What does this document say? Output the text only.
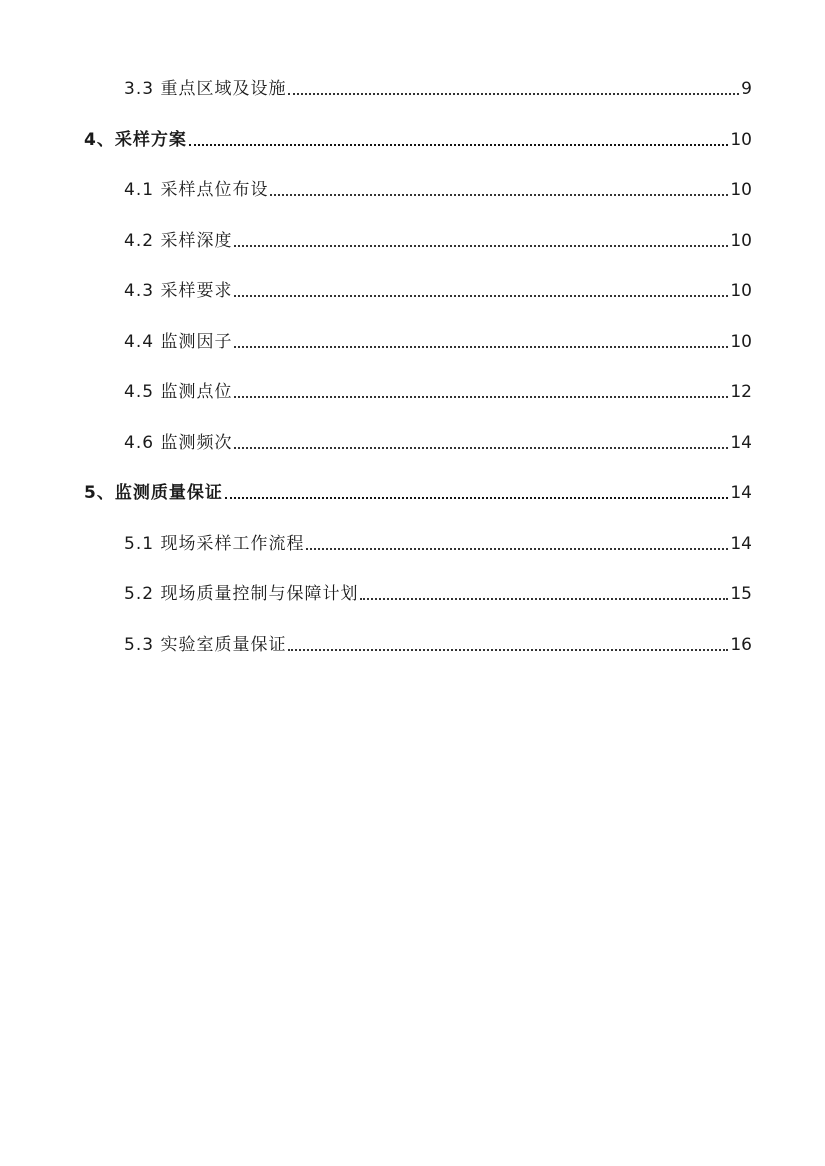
3.3 重点区域及设施	9
4、采样方案	10
4.1 采样点位布设	10
4.2 采样深度	10
4.3 采样要求	10
4.4 监测因子	10
4.5 监测点位	12
4.6 监测频次	14
5、监测质量保证	14
5.1 现场采样工作流程	14
5.2 现场质量控制与保障计划	15
5.3 实验室质量保证	16
